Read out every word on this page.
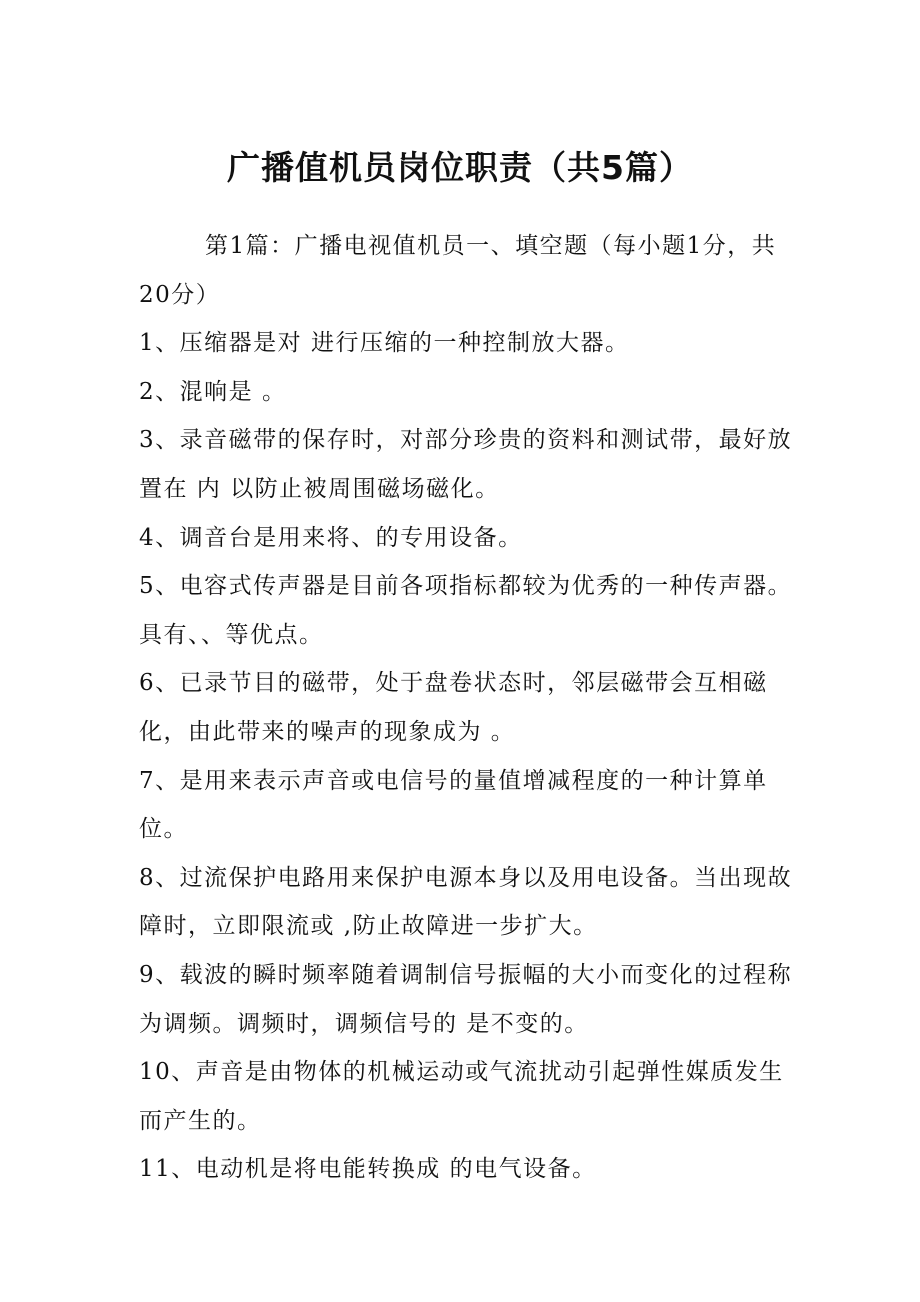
广播值机员岗位职责（共5篇）

第1篇：广播电视值机员一、填空题（每小题1分，共20分）

1、压缩器是对 进行压缩的一种控制放大器。

2、混响是 。

3、录音磁带的保存时，对部分珍贵的资料和测试带，最好放置在 内 以防止被周围磁场磁化。

4、调音台是用来将、的专用设备。

5、电容式传声器是目前各项指标都较为优秀的一种传声器。具有、、等优点。

6、已录节目的磁带，处于盘卷状态时，邻层磁带会互相磁化，由此带来的噪声的现象成为 。

7、是用来表示声音或电信号的量值增减程度的一种计算单位。

8、过流保护电路用来保护电源本身以及用电设备。当出现故障时，立即限流或 ,防止故障进一步扩大。

9、载波的瞬时频率随着调制信号振幅的大小而变化的过程称为调频。调频时，调频信号的 是不变的。

10、声音是由物体的机械运动或气流扰动引起弹性媒质发生而产生的。

11、电动机是将电能转换成 的电气设备。
